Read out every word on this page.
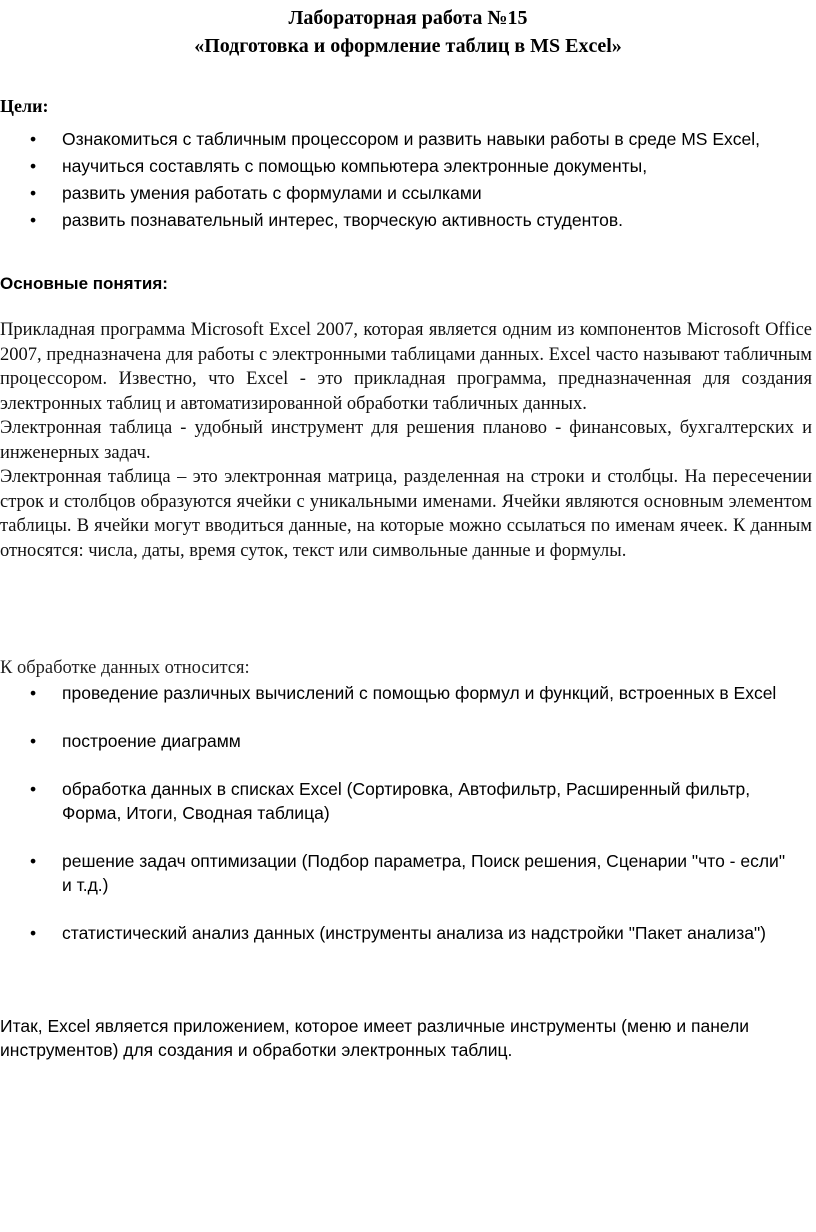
Лабораторная работа №15
«Подготовка и оформление таблиц в MS Excel»
Цели:
• Ознакомиться с табличным процессором и развить навыки работы в среде MS Excel,
• научиться составлять с помощью компьютера электронные документы,
• развить умения работать с формулами и ссылками
• развить познавательный интерес, творческую активность студентов.
Основные понятия:

Прикладная программа Microsoft Excel 2007, которая является одним из компонентов Microsoft Office 2007, предназначена для работы с электронными таблицами данных. Excel часто называют табличным процессором. Известно, что Excel - это прикладная программа, предназначенная для создания электронных таблиц и автоматизированной обработки табличных данных.

Электронная таблица - удобный инструмент для решения планово - финансовых, бухгалтерских и инженерных задач.

Электронная таблица – это электронная матрица, разделенная на строки и столбцы. На пересечении строк и столбцов образуются ячейки с уникальными именами. Ячейки являются основным элементом таблицы. В ячейки могут вводиться данные, на которые можно ссылаться по именам ячеек. К данным относятся: числа, даты, время суток, текст или символьные данные и формулы.

К обработке данных относится:
• проведение различных вычислений с помощью формул и функций, встроенных в Excel
• построение диаграмм
• обработка данных в списках Excel (Сортировка, Автофильтр, Расширенный фильтр, Форма, Итоги, Сводная таблица)
• решение задач оптимизации (Подбор параметра, Поиск решения, Сценарии "что - если" и т.д.)
• статистический анализ данных (инструменты анализа из надстройки "Пакет анализа")
Итак, Excel является приложением, которое имеет различные инструменты (меню и панели инструментов) для создания и обработки электронных таблиц.
